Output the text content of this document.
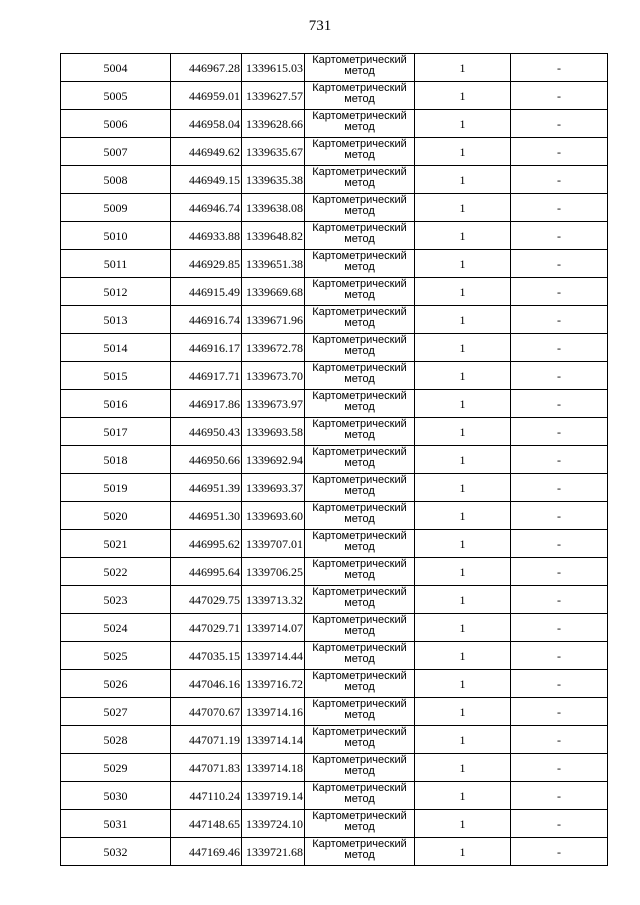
731
5004	446967.28	1339615.03	Картометрический
метод	1	-
5005	446959.01	1339627.57	Картометрический
метод	1	-
5006	446958.04	1339628.66	Картометрический
метод	1	-
5007	446949.62	1339635.67	Картометрический
метод	1	-
5008	446949.15	1339635.38	Картометрический
метод	1	-
5009	446946.74	1339638.08	Картометрический
метод	1	-
5010	446933.88	1339648.82	Картометрический
метод	1	-
5011	446929.85	1339651.38	Картометрический
метод	1	-
5012	446915.49	1339669.68	Картометрический
метод	1	-
5013	446916.74	1339671.96	Картометрический
метод	1	-
5014	446916.17	1339672.78	Картометрический
метод	1	-
5015	446917.71	1339673.70	Картометрический
метод	1	-
5016	446917.86	1339673.97	Картометрический
метод	1	-
5017	446950.43	1339693.58	Картометрический
метод	1	-
5018	446950.66	1339692.94	Картометрический
метод	1	-
5019	446951.39	1339693.37	Картометрический
метод	1	-
5020	446951.30	1339693.60	Картометрический
метод	1	-
5021	446995.62	1339707.01	Картометрический
метод	1	-
5022	446995.64	1339706.25	Картометрический
метод	1	-
5023	447029.75	1339713.32	Картометрический
метод	1	-
5024	447029.71	1339714.07	Картометрический
метод	1	-
5025	447035.15	1339714.44	Картометрический
метод	1	-
5026	447046.16	1339716.72	Картометрический
метод	1	-
5027	447070.67	1339714.16	Картометрический
метод	1	-
5028	447071.19	1339714.14	Картометрический
метод	1	-
5029	447071.83	1339714.18	Картометрический
метод	1	-
5030	447110.24	1339719.14	Картометрический
метод	1	-
5031	447148.65	1339724.10	Картометрический
метод	1	-
5032	447169.46	1339721.68	Картометрический
метод	1	-
